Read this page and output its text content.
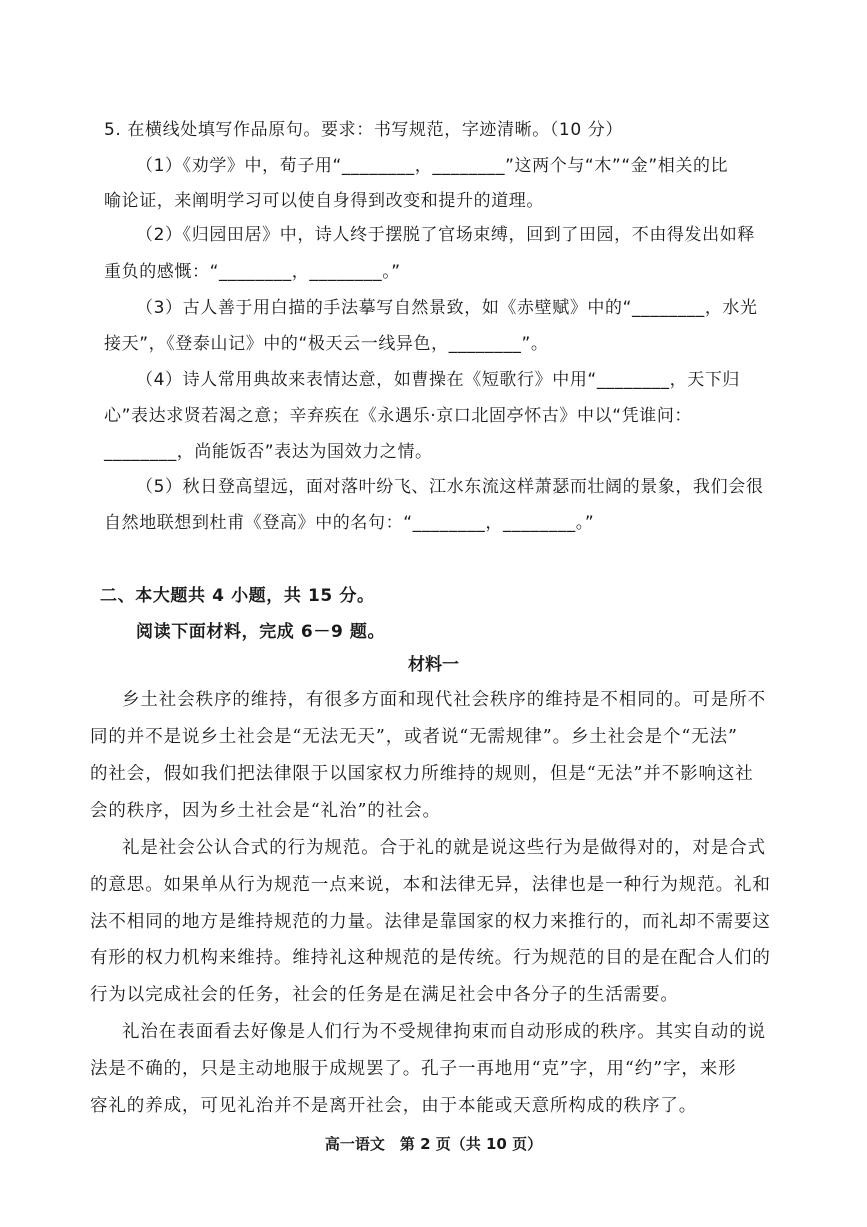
5. 在横线处填写作品原句。要求：书写规范，字迹清晰。（10 分）

（1）《劝学》中，荀子用“________，________”这两个与“木”“金”相关的比

喻论证，来阐明学习可以使自身得到改变和提升的道理。

（2）《归园田居》中，诗人终于摆脱了官场束缚，回到了田园，不由得发出如释

重负的感慨：“________，________。”

（3）古人善于用白描的手法摹写自然景致，如《赤壁赋》中的“________，水光

接天”，《登泰山记》中的“极天云一线异色，________”。

（4）诗人常用典故来表情达意，如曹操在《短歌行》中用“________，天下归

心”表达求贤若渴之意；辛弃疾在《永遇乐·京口北固亭怀古》中以“凭谁问：

________，尚能饭否”表达为国效力之情。

（5）秋日登高望远，面对落叶纷飞、江水东流这样萧瑟而壮阔的景象，我们会很

自然地联想到杜甫《登高》中的名句：“________，________。”

二、本大题共 4 小题，共 15 分。

阅读下面材料，完成 6－9 题。

材料一

乡土社会秩序的维持，有很多方面和现代社会秩序的维持是不相同的。可是所不

同的并不是说乡土社会是“无法无天”，或者说“无需规律”。乡土社会是个“无法”

的社会，假如我们把法律限于以国家权力所维持的规则，但是“无法”并不影响这社

会的秩序，因为乡土社会是“礼治”的社会。

礼是社会公认合式的行为规范。合于礼的就是说这些行为是做得对的，对是合式

的意思。如果单从行为规范一点来说，本和法律无异，法律也是一种行为规范。礼和

法不相同的地方是维持规范的力量。法律是靠国家的权力来推行的，而礼却不需要这

有形的权力机构来维持。维持礼这种规范的是传统。行为规范的目的是在配合人们的

行为以完成社会的任务，社会的任务是在满足社会中各分子的生活需要。

礼治在表面看去好像是人们行为不受规律拘束而自动形成的秩序。其实自动的说

法是不确的，只是主动地服于成规罢了。孔子一再地用“克”字，用“约”字，来形

容礼的养成，可见礼治并不是离开社会，由于本能或天意所构成的秩序了。

高一语文　第 2 页（共 10 页）
